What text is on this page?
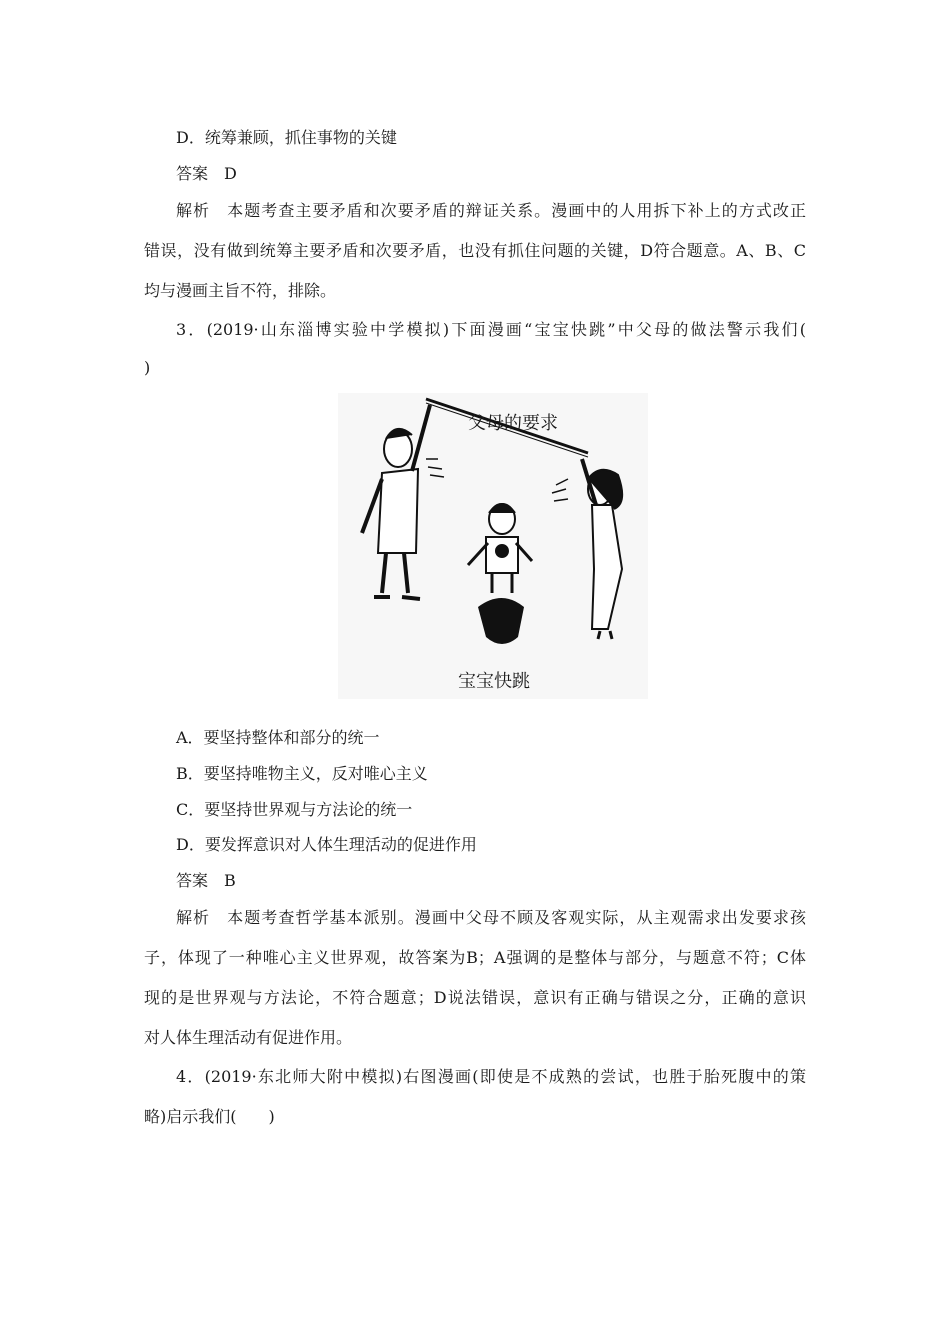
D．统筹兼顾，抓住事物的关键
答案　D
解析　本题考查主要矛盾和次要矛盾的辩证关系。漫画中的人用拆下补上的方式改正
错误，没有做到统筹主要矛盾和次要矛盾，也没有抓住问题的关键，D符合题意。A、B、C
均与漫画主旨不符，排除。
3．(2019·山东淄博实验中学模拟)下面漫画“宝宝快跳”中父母的做法警示我们(
)
父母的要求
宝宝快跳
A．要坚持整体和部分的统一
B．要坚持唯物主义，反对唯心主义
C．要坚持世界观与方法论的统一
D．要发挥意识对人体生理活动的促进作用
答案　B
解析　本题考查哲学基本派别。漫画中父母不顾及客观实际，从主观需求出发要求孩
子，体现了一种唯心主义世界观，故答案为B；A强调的是整体与部分，与题意不符；C体
现的是世界观与方法论，不符合题意；D说法错误，意识有正确与错误之分，正确的意识
对人体生理活动有促进作用。
4．(2019·东北师大附中模拟)右图漫画(即使是不成熟的尝试，也胜于胎死腹中的策
略)启示我们(　　)
